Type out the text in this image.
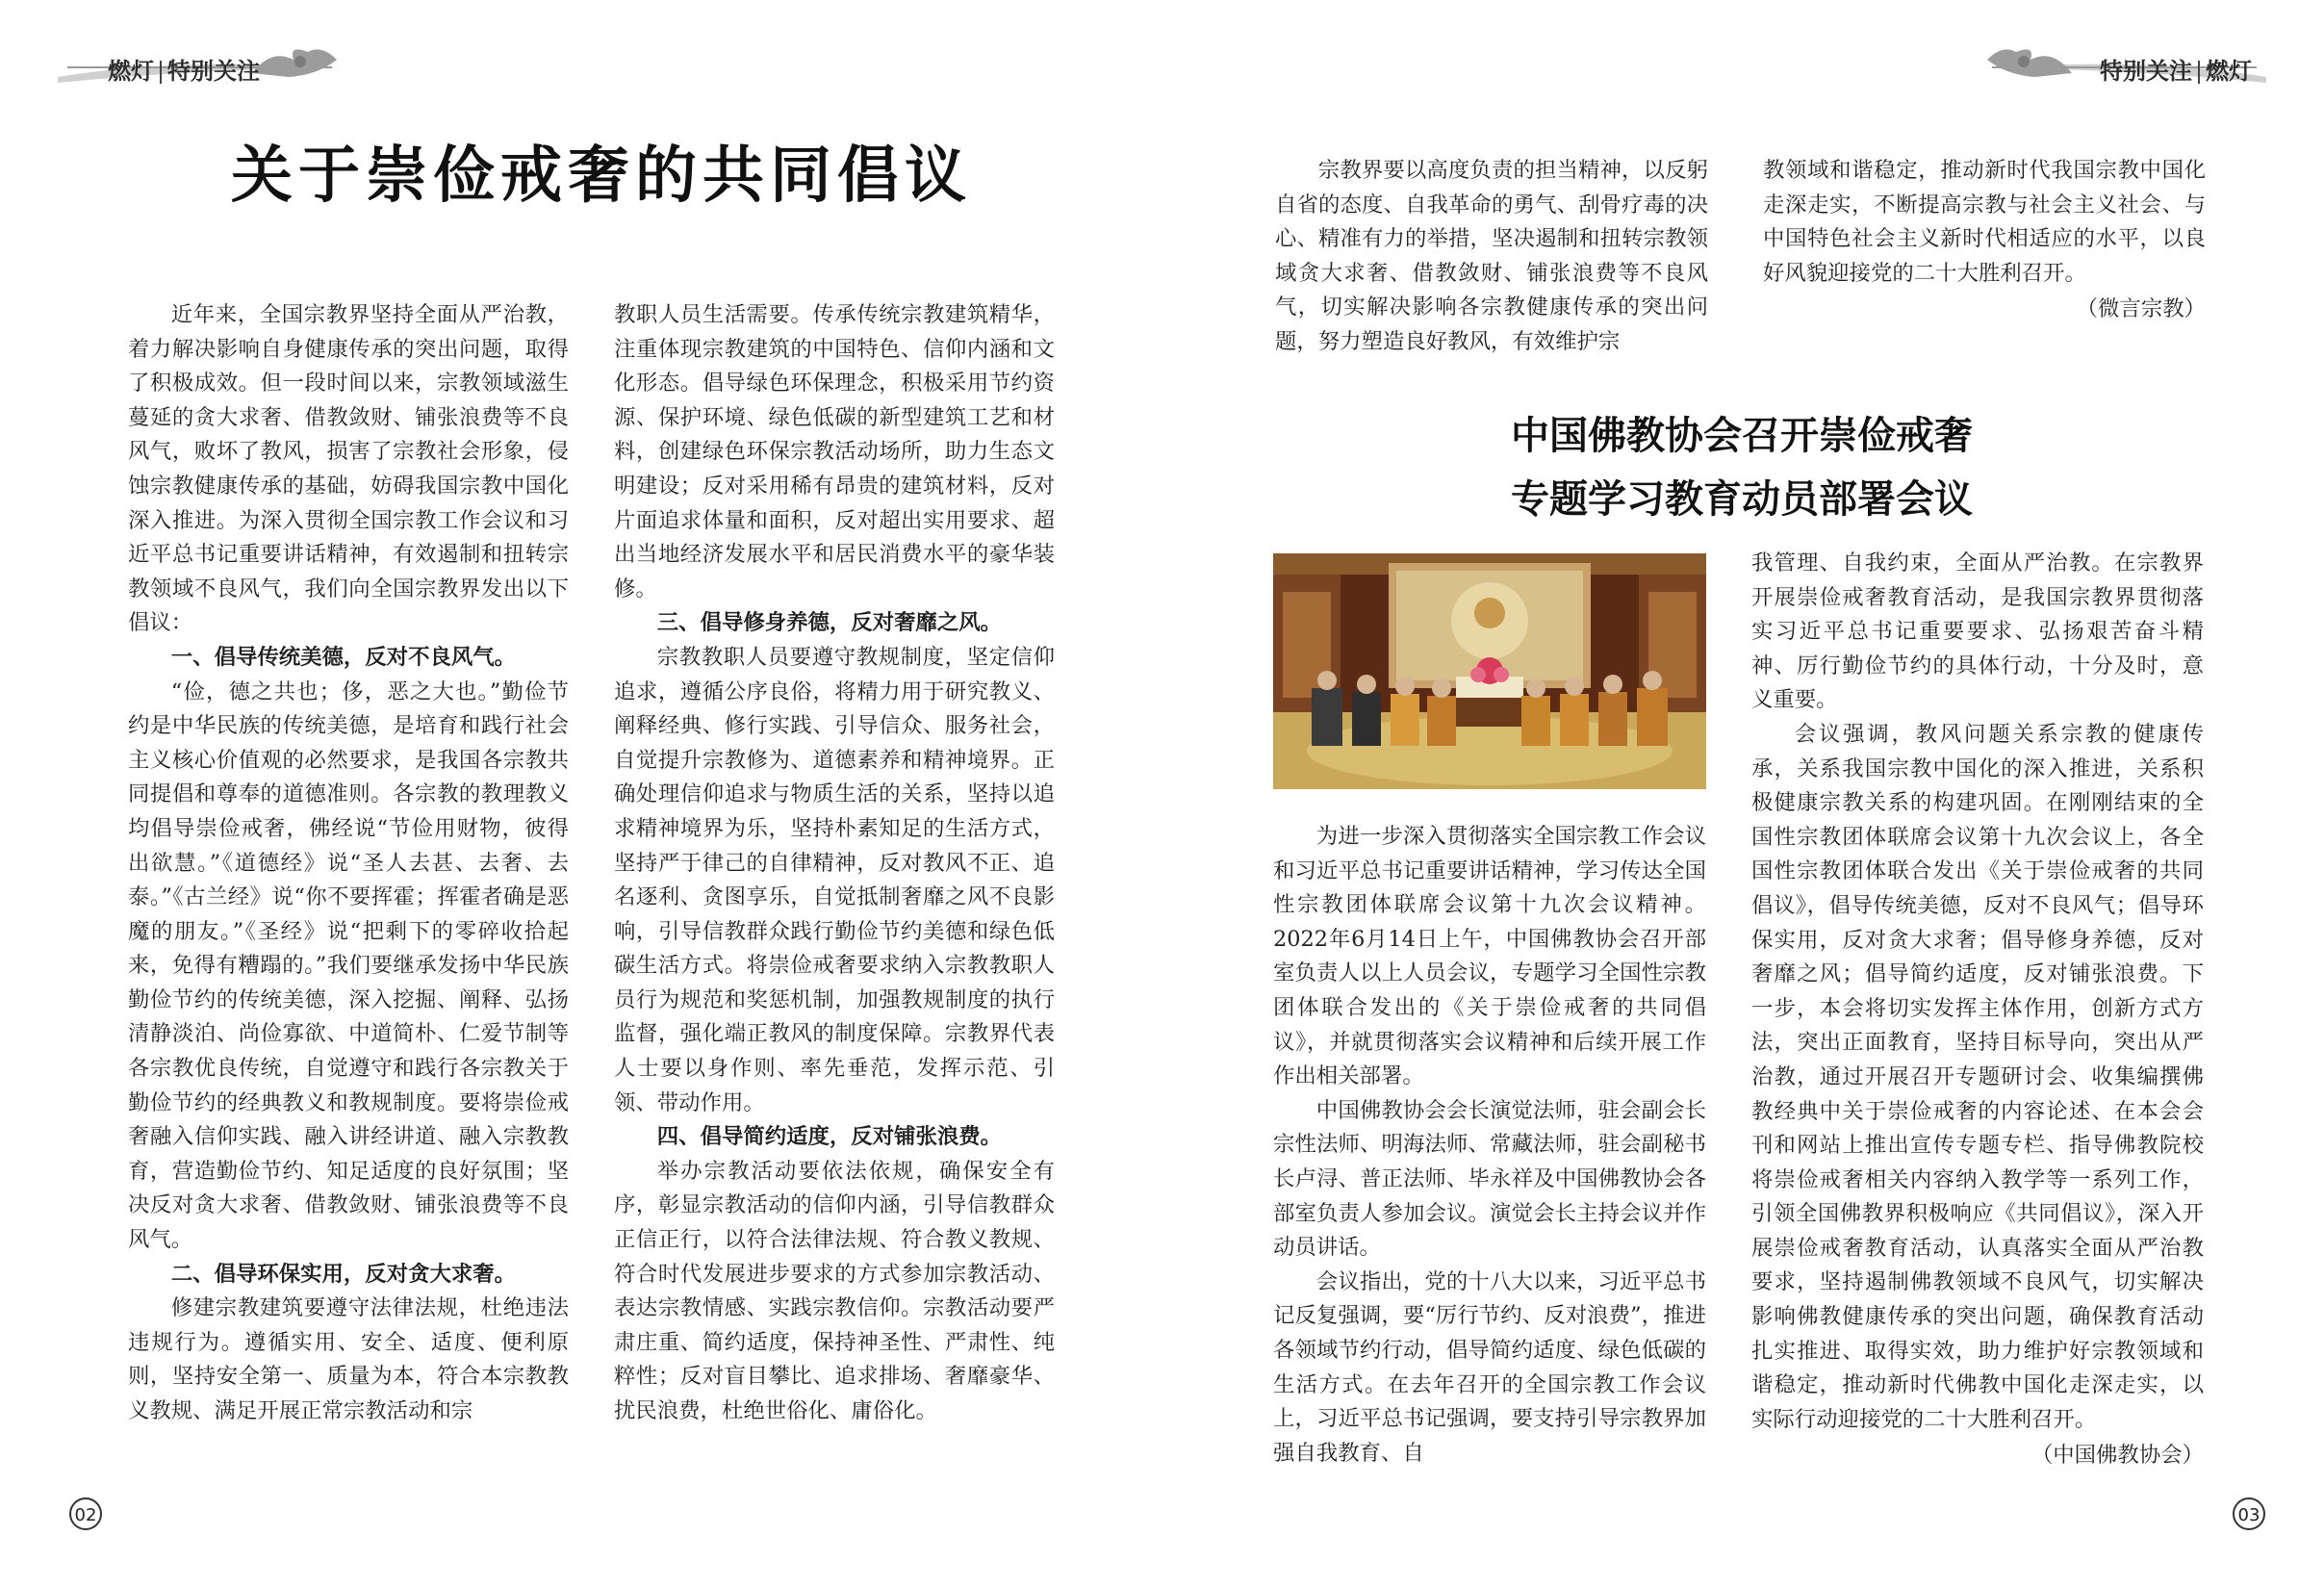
燃灯 特别关注	特别关注 燃灯
关于崇俭戒奢的共同倡议

近年来，全国宗教界坚持全面从严治教，着力解决影响自身健康传承的突出问题，取得了积极成效。但一段时间以来，宗教领域滋生蔓延的贪大求奢、借教敛财、铺张浪费等不良风气，败坏了教风，损害了宗教社会形象，侵蚀宗教健康传承的基础，妨碍我国宗教中国化深入推进。为深入贯彻全国宗教工作会议和习近平总书记重要讲话精神，有效遏制和扭转宗教领域不良风气，我们向全国宗教界发出以下倡议：

一、倡导传统美德，反对不良风气。

“俭，德之共也；侈，恶之大也。”勤俭节约是中华民族的传统美德，是培育和践行社会主义核心价值观的必然要求，是我国各宗教共同提倡和尊奉的道德准则。各宗教的教理教义均倡导崇俭戒奢，佛经说“节俭用财物，彼得出欲慧。”《道德经》说“圣人去甚、去奢、去泰。”《古兰经》说“你不要挥霍；挥霍者确是恶魔的朋友。”《圣经》说“把剩下的零碎收拾起来，免得有糟蹋的。”我们要继承发扬中华民族勤俭节约的传统美德，深入挖掘、阐释、弘扬清静淡泊、尚俭寡欲、中道简朴、仁爱节制等各宗教优良传统，自觉遵守和践行各宗教关于勤俭节约的经典教义和教规制度。要将崇俭戒奢融入信仰实践、融入讲经讲道、融入宗教教育，营造勤俭节约、知足适度的良好氛围；坚决反对贪大求奢、借教敛财、铺张浪费等不良风气。

二、倡导环保实用，反对贪大求奢。

修建宗教建筑要遵守法律法规，杜绝违法违规行为。遵循实用、安全、适度、便利原则，坚持安全第一、质量为本，符合本宗教教义教规、满足开展正常宗教活动和宗

教职人员生活需要。传承传统宗教建筑精华，注重体现宗教建筑的中国特色、信仰内涵和文化形态。倡导绿色环保理念，积极采用节约资源、保护环境、绿色低碳的新型建筑工艺和材料，创建绿色环保宗教活动场所，助力生态文明建设；反对采用稀有昂贵的建筑材料，反对片面追求体量和面积，反对超出实用要求、超出当地经济发展水平和居民消费水平的豪华装修。

三、倡导修身养德，反对奢靡之风。

宗教教职人员要遵守教规制度，坚定信仰追求，遵循公序良俗，将精力用于研究教义、阐释经典、修行实践、引导信众、服务社会，自觉提升宗教修为、道德素养和精神境界。正确处理信仰追求与物质生活的关系，坚持以追求精神境界为乐，坚持朴素知足的生活方式，坚持严于律己的自律精神，反对教风不正、追名逐利、贪图享乐，自觉抵制奢靡之风不良影响，引导信教群众践行勤俭节约美德和绿色低碳生活方式。将崇俭戒奢要求纳入宗教教职人员行为规范和奖惩机制，加强教规制度的执行监督，强化端正教风的制度保障。宗教界代表人士要以身作则、率先垂范，发挥示范、引领、带动作用。

四、倡导简约适度，反对铺张浪费。

举办宗教活动要依法依规，确保安全有序，彰显宗教活动的信仰内涵，引导信教群众正信正行，以符合法律法规、符合教义教规、符合时代发展进步要求的方式参加宗教活动、表达宗教情感、实践宗教信仰。宗教活动要严肃庄重、简约适度，保持神圣性、严肃性、纯粹性；反对盲目攀比、追求排场、奢靡豪华、扰民浪费，杜绝世俗化、庸俗化。

宗教界要以高度负责的担当精神，以反躬自省的态度、自我革命的勇气、刮骨疗毒的决心、精准有力的举措，坚决遏制和扭转宗教领域贪大求奢、借教敛财、铺张浪费等不良风气，切实解决影响各宗教健康传承的突出问题，努力塑造良好教风，有效维护宗

教领域和谐稳定，推动新时代我国宗教中国化走深走实，不断提高宗教与社会主义社会、与中国特色社会主义新时代相适应的水平，以良好风貌迎接党的二十大胜利召开。

（微言宗教）

中国佛教协会召开崇俭戒奢
专题学习教育动员部署会议

为进一步深入贯彻落实全国宗教工作会议和习近平总书记重要讲话精神，学习传达全国性宗教团体联席会议第十九次会议精神。2022年6月14日上午，中国佛教协会召开部室负责人以上人员会议，专题学习全国性宗教团体联合发出的《关于崇俭戒奢的共同倡议》，并就贯彻落实会议精神和后续开展工作作出相关部署。

中国佛教协会会长演觉法师，驻会副会长宗性法师、明海法师、常藏法师，驻会副秘书长卢浔、普正法师、毕永祥及中国佛教协会各部室负责人参加会议。演觉会长主持会议并作动员讲话。

会议指出，党的十八大以来，习近平总书记反复强调，要“厉行节约、反对浪费”，推进各领域节约行动，倡导简约适度、绿色低碳的生活方式。在去年召开的全国宗教工作会议上，习近平总书记强调，要支持引导宗教界加强自我教育、自

我管理、自我约束，全面从严治教。在宗教界开展崇俭戒奢教育活动，是我国宗教界贯彻落实习近平总书记重要要求、弘扬艰苦奋斗精神、厉行勤俭节约的具体行动，十分及时，意义重要。

会议强调，教风问题关系宗教的健康传承，关系我国宗教中国化的深入推进，关系积极健康宗教关系的构建巩固。在刚刚结束的全国性宗教团体联席会议第十九次会议上，各全国性宗教团体联合发出《关于崇俭戒奢的共同倡议》，倡导传统美德，反对不良风气；倡导环保实用，反对贪大求奢；倡导修身养德，反对奢靡之风；倡导简约适度，反对铺张浪费。下一步，本会将切实发挥主体作用，创新方式方法，突出正面教育，坚持目标导向，突出从严治教，通过开展召开专题研讨会、收集编撰佛教经典中关于崇俭戒奢的内容论述、在本会会刊和网站上推出宣传专题专栏、指导佛教院校将崇俭戒奢相关内容纳入教学等一系列工作，引领全国佛教界积极响应《共同倡议》，深入开展崇俭戒奢教育活动，认真落实全面从严治教要求，坚持遏制佛教领域不良风气，切实解决影响佛教健康传承的突出问题，确保教育活动扎实推进、取得实效，助力维护好宗教领域和谐稳定，推动新时代佛教中国化走深走实，以实际行动迎接党的二十大胜利召开。

（中国佛教协会）

02	03
